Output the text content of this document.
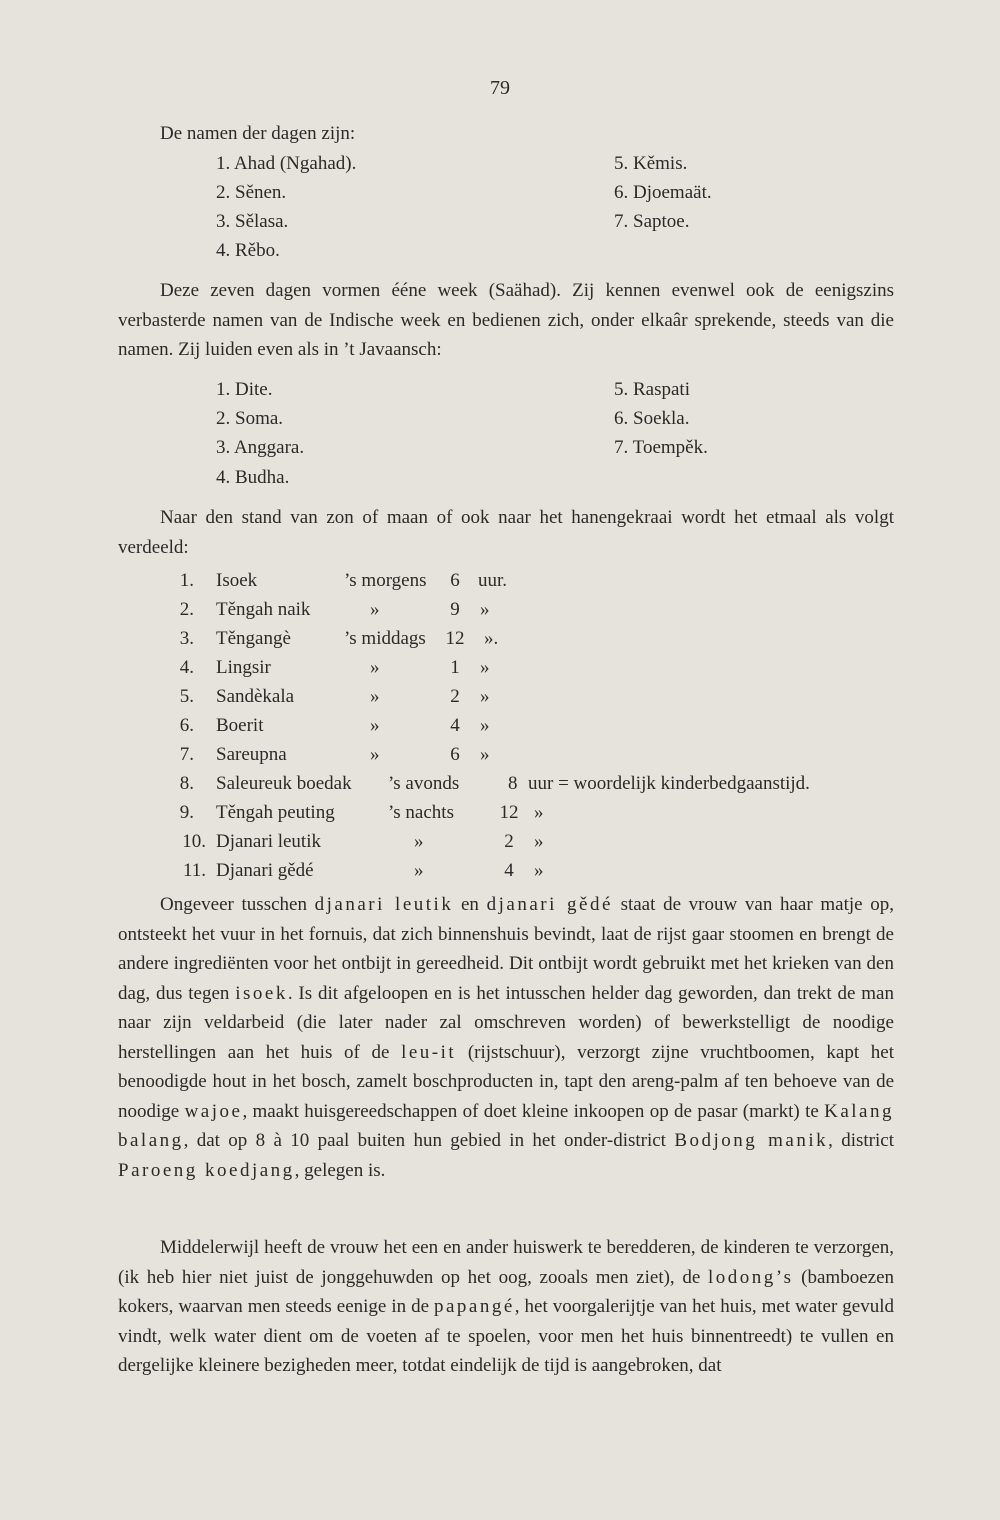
79
De namen der dagen zijn:
1. Ahad (Ngahad).
2. Sěnen.
3. Sělasa.
4. Rěbo.
5. Kěmis.
6. Djoemaät.
7. Saptoe.
Deze zeven dagen vormen ééne week (Saähad). Zij kennen evenwel ook de eenigszins verbasterde namen van de Indische week en bedienen zich, onder elkaâr sprekende, steeds van die namen. Zij luiden even als in ’t Javaansch:
1. Dite.
2. Soma.
3. Anggara.
4. Budha.
5. Raspati
6. Soekla.
7. Toempěk.
Naar den stand van zon of maan of ook naar het hanengekraai wordt het etmaal als volgt verdeeld:
1. Isoek	’s morgens	6 uur.
2. Těngah naik	»	9	»
3. Těngangè	’s middags 12 ».
4. Lingsir	»	1	»
5. Sandèkala	»	2	»
6. Boerit	»	4	»
7. Sareupna	»	6	»
8. Saleureuk boedak ’s avonds	8 uur = woordelijk kinderbedgaanstijd.
9. Těngah peuting	’s nachts 12 »
10. Djanari leutik	»	2	»
11. Djanari gědé	»	4	»
Ongeveer tusschen djanari leutik en djanari gědé staat de vrouw van haar matje op, ontsteekt het vuur in het fornuis, dat zich binnenshuis bevindt, laat de rijst gaar stoomen en brengt de andere ingrediënten voor het ontbijt in gereedheid. Dit ontbijt wordt gebruikt met het krieken van den dag, dus tegen isoek. Is dit afgeloopen en is het intusschen helder dag geworden, dan trekt de man naar zijn veldarbeid (die later nader zal omschreven worden) of bewerkstelligt de noodige herstellingen aan het huis of de leu-it (rijstschuur), verzorgt zijne vruchtboomen, kapt het benoodigde hout in het bosch, zamelt boschproducten in, tapt den areng-palm af ten behoeve van de noodige wajoe, maakt huisgereedschappen of doet kleine inkoopen op de pasar (markt) te Kalang balang, dat op 8 à 10 paal buiten hun gebied in het onder-district Bodjong manik, district Paroeng koedjang, gelegen is.
Middelerwijl heeft de vrouw het een en ander huiswerk te beredderen, de kinderen te verzorgen, (ik heb hier niet juist de jonggehuwden op het oog, zooals men ziet), de lodong’s (bamboezen kokers, waarvan men steeds eenige in de papangé, het voorgalerijtje van het huis, met water gevuld vindt, welk water dient om de voeten af te spoelen, voor men het huis binnentreedt) te vullen en dergelijke kleinere bezigheden meer, totdat eindelijk de tijd is aangebroken, dat
